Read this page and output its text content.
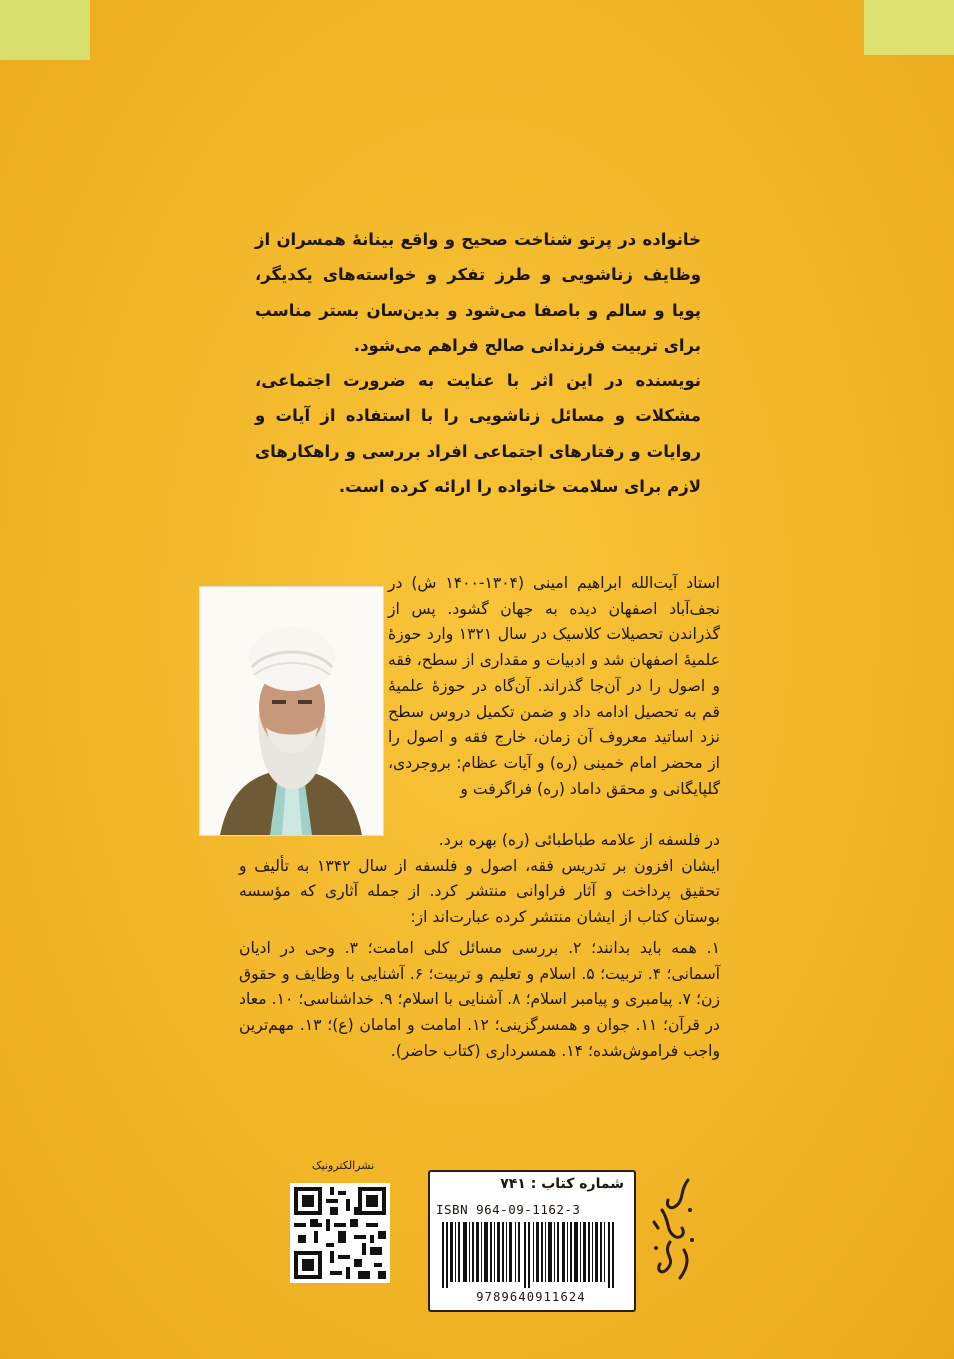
خانواده در پرتو شناخت صحیح و واقع بینانهٔ همسران از وظایف زناشویی و طرز تفکر و خواسته‌های یکدیگر، پویا و سالم و باصفا می‌شود و بدین‌سان بستر مناسب برای تربیت فرزندانی صالح فراهم می‌شود.

نویسنده در این اثر با عنایت به ضرورت اجتماعی، مشکلات و مسائل زناشویی را با استفاده از آیات و روایات و رفتارهای اجتماعی افراد بررسی و راهکارهای لازم برای سلامت خانواده را ارائه کرده است.

استاد آیت‌الله ابراهیم امینی (۱۳۰۴-۱۴۰۰ ش) در نجف‌آباد اصفهان دیده به جهان گشود. پس از گذراندن تحصیلات کلاسیک در سال ۱۳۲۱ وارد حوزهٔ علمیهٔ اصفهان شد و ادبیات و مقداری از سطح، فقه و اصول را در آن‌جا گذراند. آن‌گاه در حوزهٔ علمیهٔ قم به تحصیل ادامه داد و ضمن تکمیل دروس سطح نزد اساتید معروف آن زمان، خارج فقه و اصول را از محضر امام خمینی (ره) و آیات عظام: بروجردی، گلپایگانی و محقق داماد (ره) فراگرفت و

در فلسفه از علامه طباطبائی (ره) بهره برد.

ایشان افزون بر تدریس فقه، اصول و فلسفه از سال ۱۳۴۲ به تألیف و تحقیق پرداخت و آثار فراوانی منتشر کرد. از جمله آثاری که مؤسسه بوستان کتاب از ایشان منتشر کرده عبارت‌اند از:

۱. همه باید بدانند؛ ۲. بررسی مسائل کلی امامت؛ ۳. وحی در ادیان آسمانی؛ ۴. تربیت؛ ۵. اسلام و تعلیم و تربیت؛ ۶. آشنایی با وظایف و حقوق زن؛ ۷. پیامبری و پیامبر اسلام؛ ۸. آشنایی با اسلام؛ ۹. خداشناسی؛ ۱۰. معاد در قرآن؛ ۱۱. جوان و همسرگزینی؛ ۱۲. امامت و امامان (ع)؛ ۱۳. مهم‌ترین واجب فراموش‌شده؛ ۱۴. همسرداری (کتاب حاضر).

نشرالکترونیک
شماره کتاب : ۷۴۱
ISBN 964-09-1162-3
9789640911624
